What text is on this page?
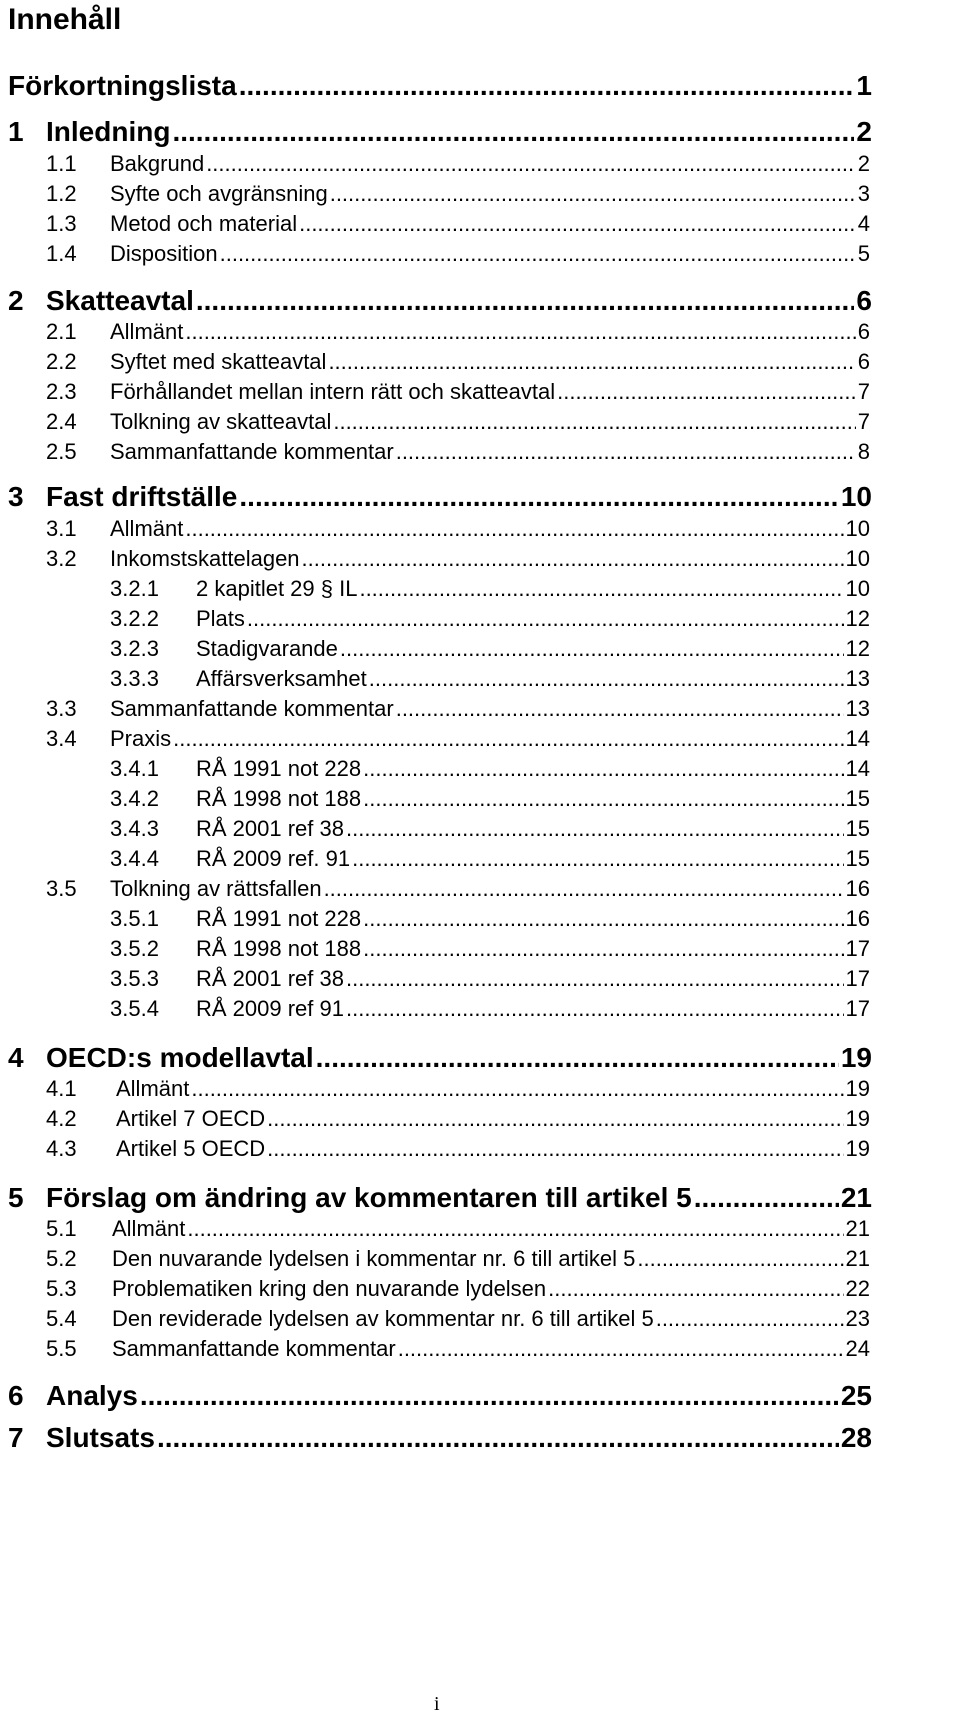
Innehåll
Förkortningslista .....	1
1 Inledning .....	2
1.1 Bakgrund .....	2
1.2 Syfte och avgränsning .....	3
1.3 Metod och material .....	4
1.4 Disposition .....	5
2 Skatteavtal .....	6
2.1 Allmänt .....	6
2.2 Syftet med skatteavtal .....	6
2.3 Förhållandet mellan intern rätt och skatteavtal .....	7
2.4 Tolkning av skatteavtal .....	7
2.5 Sammanfattande kommentar .....	8
3 Fast driftställe .....	10
3.1 Allmänt .....	10
3.2 Inkomstskattelagen .....	10
3.2.1 2 kapitlet 29 § IL .....	10
3.2.2 Plats .....	12
3.2.3 Stadigvarande .....	12
3.3.3 Affärsverksamhet .....	13
3.3 Sammanfattande kommentar .....	13
3.4 Praxis .....	14
3.4.1 RÅ 1991 not 228 .....	14
3.4.2 RÅ 1998 not 188 .....	15
3.4.3 RÅ 2001 ref 38 .....	15
3.4.4 RÅ 2009 ref. 91 .....	15
3.5 Tolkning av rättsfallen .....	16
3.5.1 RÅ 1991 not 228 .....	16
3.5.2 RÅ 1998 not 188 .....	17
3.5.3 RÅ 2001 ref 38 .....	17
3.5.4 RÅ 2009 ref 91 .....	17
4 OECD:s modellavtal .....	19
4.1 Allmänt .....	19
4.2 Artikel 7 OECD .....	19
4.3 Artikel 5 OECD .....	19
5 Förslag om ändring av kommentaren till artikel 5 .....	21
5.1 Allmänt .....	21
5.2 Den nuvarande lydelsen i kommentar nr. 6 till artikel 5 .....	21
5.3 Problematiken kring den nuvarande lydelsen .....	22
5.4 Den reviderade lydelsen av kommentar nr. 6 till artikel 5 .....	23
5.5 Sammanfattande kommentar .....	24
6 Analys .....	25
7 Slutsats .....	28
i
